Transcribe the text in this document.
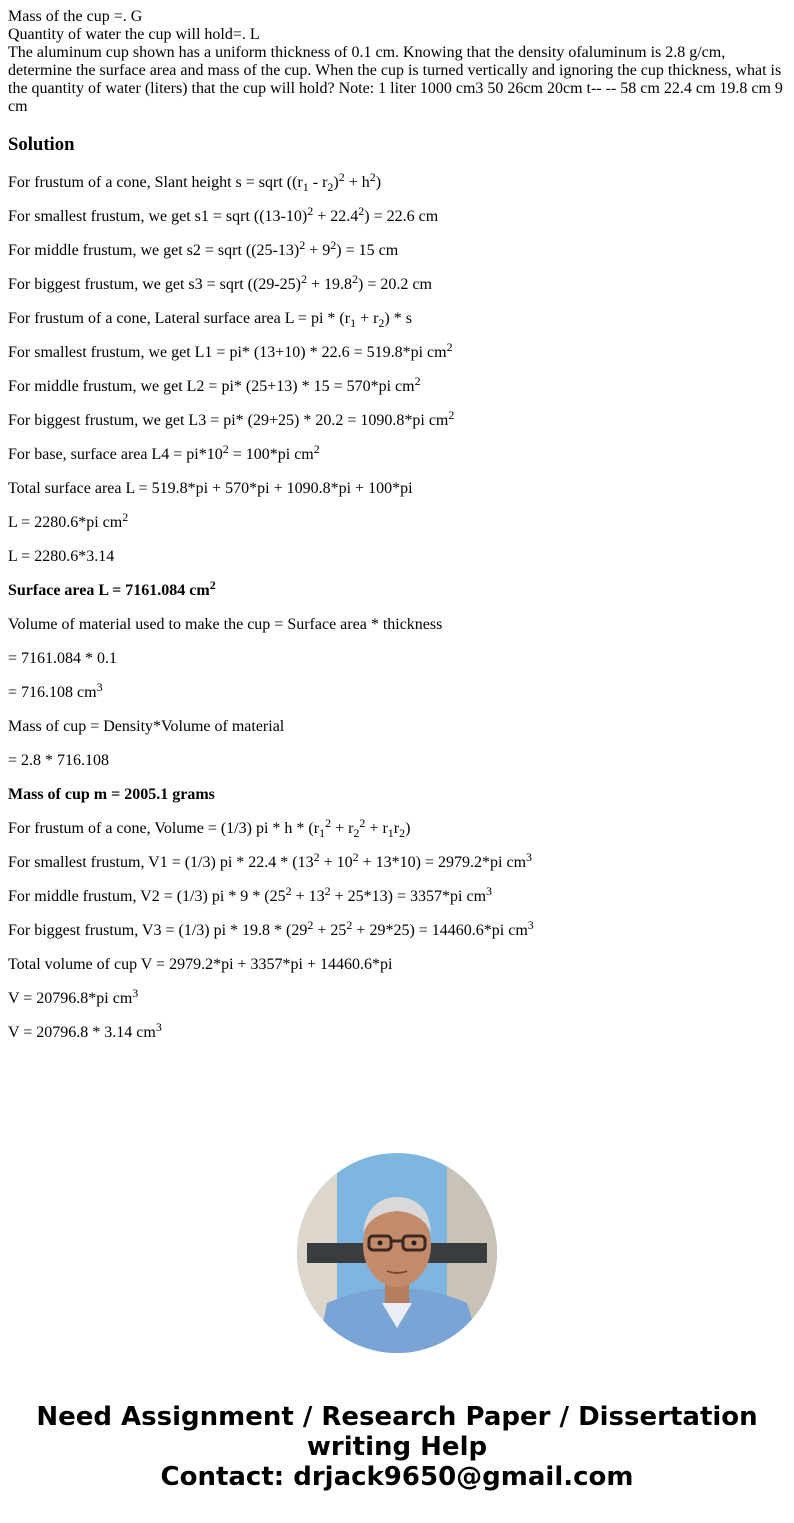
Mass of the cup =. G
Quantity of water the cup will hold=. L
The aluminum cup shown has a uniform thickness of 0.1 cm. Knowing that the density ofaluminum is 2.8 g/cm, determine the surface area and mass of the cup. When the cup is turned vertically and ignoring the cup thickness, what is the quantity of water (liters) that the cup will hold? Note: 1 liter 1000 cm3 50 26cm 20cm t-- -- 58 cm 22.4 cm 19.8 cm 9 cm
Solution
For frustum of a cone, Slant height s = sqrt $((r_1 - r_2)^2 + h^2)$
For smallest frustum, we get s1 = sqrt $((13-10)^2 + 22.4^2) = 22.6$ cm
For middle frustum, we get s2 = sqrt $((25-13)^2 + 9^2) = 15$ cm
For biggest frustum, we get s3 = sqrt $((29-25)^2 + 19.8^2) = 20.2$ cm
For frustum of a cone, Lateral surface area L = pi * $(r_1 + r_2) * s$
For smallest frustum, we get L1 = pi* (13+10) * 22.6 = 519.8*pi $cm^2$
For middle frustum, we get L2 = pi* (25+13) * 15 = 570*pi $cm^2$
For biggest frustum, we get L3 = pi* (29+25) * 20.2 = 1090.8*pi $cm^2$
For base, surface area $L4 = pi*10^2 = 100*pi$ $cm^2$
Total surface area L = 519.8*pi + 570*pi + 1090.8*pi + 100*pi
L = 2280.6*pi $cm^2$
L = 2280.6*3.14
Surface area L = 7161.084 $cm^2$
Volume of material used to make the cup = Surface area * thickness
= 7161.084 * 0.1
= 716.108 $cm^3$
Mass of cup = Density*Volume of material
= 2.8 * 716.108
Mass of cup m = 2005.1 grams
For frustum of a cone, Volume = (1/3) pi * $h * (r_1^2 + r_2^2 + r_1r_2)$
For smallest frustum, V1 = (1/3) pi * $22.4 * (13^2 + 10^2 + 13*10) = 2979.2*pi$ $cm^3$
For middle frustum, V2 = (1/3) pi * $9 * (25^2 + 13^2 + 25*13) = 3357*pi$ $cm^3$
For biggest frustum, V3 = (1/3) pi * $19.8 * (29^2 + 25^2 + 29*25) = 14460.6*pi$ $cm^3$
Total volume of cup V = 2979.2*pi + 3357*pi + 14460.6*pi
V = 20796.8*pi $cm^3$
V = 20796.8 * 3.14 $cm^3$
Need Assignment / Research Paper / Dissertation
writing Help
Contact: drjack9650@gmail.com
